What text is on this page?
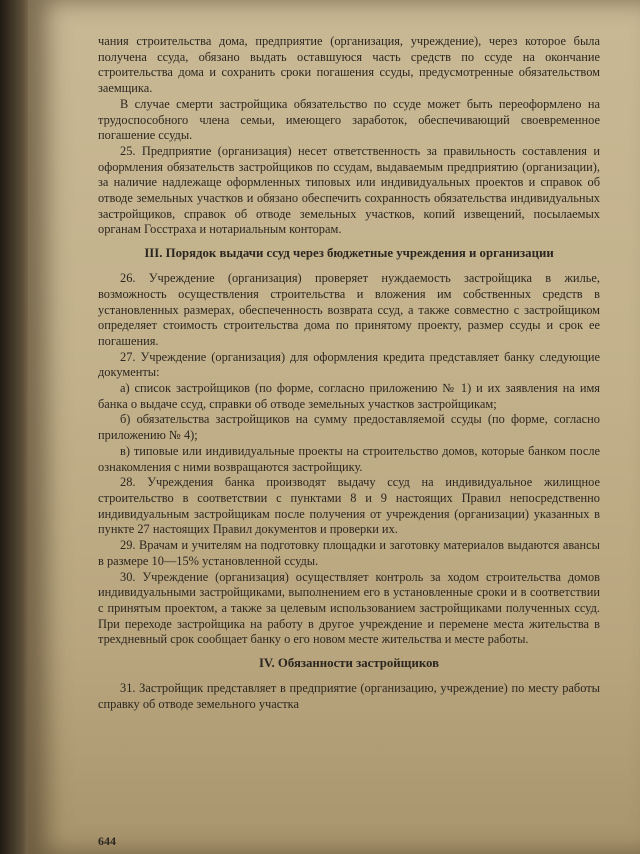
чания строительства дома, предприятие (организация, учреждение), через которое была получена ссуда, обязано выдать оставшуюся часть средств по ссуде на окончание строительства дома и сохранить сроки погашения ссуды, предусмотренные обязательством заемщика.

В случае смерти застройщика обязательство по ссуде может быть переоформлено на трудоспособного члена семьи, имеющего заработок, обеспечивающий своевременное погашение ссуды.

25. Предприятие (организация) несет ответственность за правильность составления и оформления обязательств застройщиков по ссудам, выдаваемым предприятию (организации), за наличие надлежаще оформленных типовых или индивидуальных проектов и справок об отводе земельных участков и обязано обеспечить сохранность обязательства индивидуальных застройщиков, справок об отводе земельных участков, копий извещений, посылаемых органам Госстраха и нотариальным конторам.

III. Порядок выдачи ссуд через бюджетные учреждения и организации

26. Учреждение (организация) проверяет нуждаемость застройщика в жилье, возможность осуществления строительства и вложения им собственных средств в установленных размерах, обеспеченность возврата ссуд, а также совместно с застройщиком определяет стоимость строительства дома по принятому проекту, размер ссуды и срок ее погашения.

27. Учреждение (организация) для оформления кредита представляет банку следующие документы:

а) список застройщиков (по форме, согласно приложению № 1) и их заявления на имя банка о выдаче ссуд, справки об отводе земельных участков застройщикам;

б) обязательства застройщиков на сумму предоставляемой ссуды (по форме, согласно приложению № 4);

в) типовые или индивидуальные проекты на строительство домов, которые банком после ознакомления с ними возвращаются застройщику.

28. Учреждения банка производят выдачу ссуд на индивидуальное жилищное строительство в соответствии с пунктами 8 и 9 настоящих Правил непосредственно индивидуальным застройщикам после получения от учреждения (организации) указанных в пункте 27 настоящих Правил документов и проверки их.

29. Врачам и учителям на подготовку площадки и заготовку материалов выдаются авансы в размере 10—15% установленной ссуды.

30. Учреждение (организация) осуществляет контроль за ходом строительства домов индивидуальными застройщиками, выполнением его в установленные сроки и в соответствии с принятым проектом, а также за целевым использованием застройщиками полученных ссуд. При переходе застройщика на работу в другое учреждение и перемене места жительства в трехдневный срок сообщает банку о его новом месте жительства и месте работы.

IV. Обязанности застройщиков

31. Застройщик представляет в предприятие (организацию, учреждение) по месту работы справку об отводе земельного участка

644
